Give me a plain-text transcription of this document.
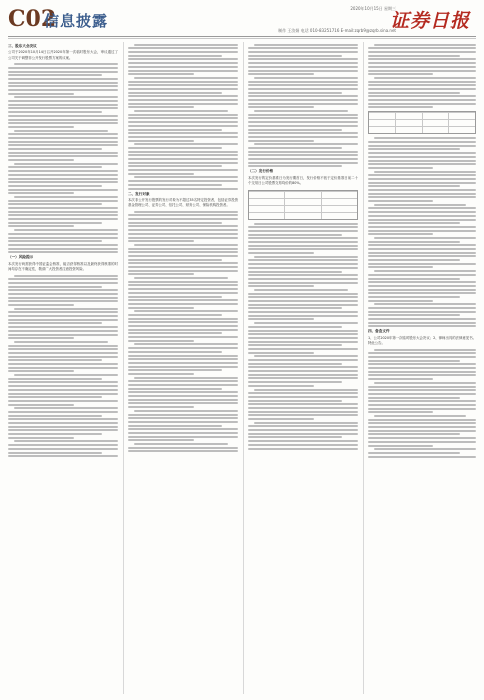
C02
信息披露
2020年10月15日 星期三
制作 王汝娟 电话 010-83251716 E-mail:zqrb9@zqrb.sina.net
证券日报
三、股东大会决议
公司于2020年10月14日召开2020年第一次临时股东大会，审议通过了公司关于调整非公开发行股票方案的议案。
（一）风险提示
本次发行尚需获得中国证监会核准，能否获得核准以及最终获得核准的时间均存在不确定性，敬请广大投资者注意投资风险。
二、发行对象
本次非公开发行股票的发行对象为不超过35名特定投资者，包括证券投资基金管理公司、证券公司、信托公司、财务公司、保险机构投资者。
（二）发行价格
本次发行的定价基准日为发行期首日，发行价格不低于定价基准日前二十个交易日公司股票交易均价的80%。
四、备查文件
1、公司2020年第一次临时股东大会决议；2、律师出具的法律意见书。特此公告。
